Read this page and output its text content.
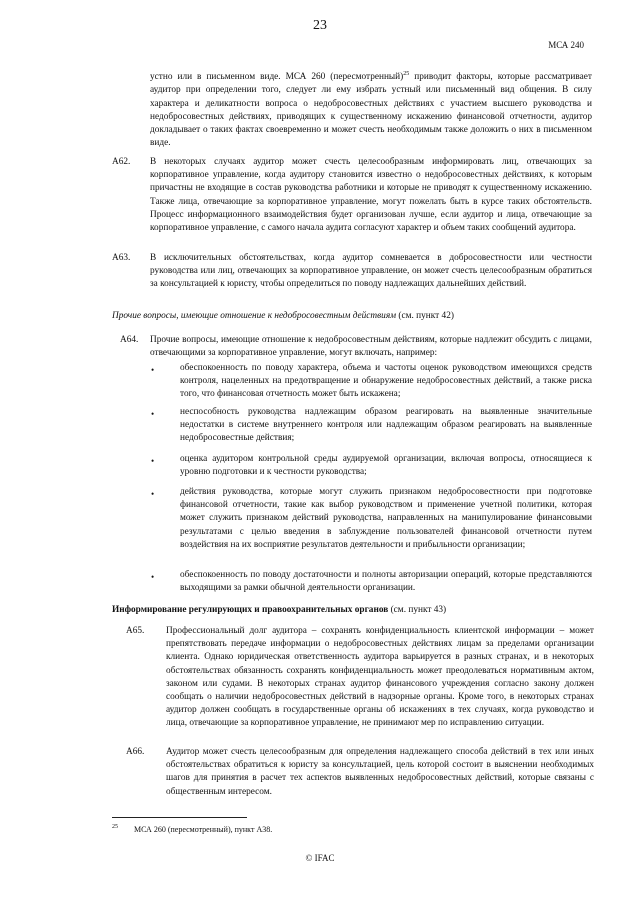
23
МСА 240

устно или в письменном виде. МСА 260 (пересмотренный)$^{25}$ приводит факторы, которые рассматривает аудитор при определении того, следует ли ему избрать устный или письменный вид общения. В силу характера и деликатности вопроса о недобросовестных действиях с участием высшего руководства и недобросовестных действиях, приводящих к существенному искажению финансовой отчетности, аудитор докладывает о таких фактах своевременно и может счесть необходимым также доложить о них в письменном виде.

A62. В некоторых случаях аудитор может счесть целесообразным информировать лиц, отвечающих за корпоративное управление, когда аудитору становится известно о недобросовестных действиях, к которым причастны не входящие в состав руководства работники и которые не приводят к существенному искажению. Также лица, отвечающие за корпоративное управление, могут пожелать быть в курсе таких обстоятельств. Процесс информационного взаимодействия будет организован лучше, если аудитор и лица, отвечающие за корпоративное управление, с самого начала аудита согласуют характер и объем таких сообщений аудитора.

A63. В исключительных обстоятельствах, когда аудитор сомневается в добросовестности или честности руководства или лиц, отвечающих за корпоративное управление, он может счесть целесообразным обратиться за консультацией к юристу, чтобы определиться по поводу надлежащих дальнейших действий.

Прочие вопросы, имеющие отношение к недобросовестным действиям (см. пункт 42)
A64. Прочие вопросы, имеющие отношение к недобросовестным действиям, которые надлежит обсудить с лицами, отвечающими за корпоративное управление, могут включать, например:

•	обеспокоенность по поводу характера, объема и частоты оценок руководством имеющихся средств контроля, нацеленных на предотвращение и обнаружение недобросовестных действий, а также риска того, что финансовая отчетность может быть искажена;

•	неспособность руководства надлежащим образом реагировать на выявленные значительные недостатки в системе внутреннего контроля или надлежащим образом реагировать на выявленные недобросовестные действия;

•	оценка аудитором контрольной среды аудируемой организации, включая вопросы, относящиеся к уровню подготовки и к честности руководства;

•	действия руководства, которые могут служить признаком недобросовестности при подготовке финансовой отчетности, такие как выбор руководством и применение учетной политики, которая может служить признаком действий руководства, направленных на манипулирование финансовыми результатами с целью введения в заблуждение пользователей финансовой отчетности путем воздействия на их восприятие результатов деятельности и прибыльности организации;

•	обеспокоенность по поводу достаточности и полноты авторизации операций, которые представляются выходящими за рамки обычной деятельности организации.

Информирование регулирующих и правоохранительных органов (см. пункт 43)
A65. Профессиональный долг аудитора – сохранять конфиденциальность клиентской информации – может препятствовать передаче информации о недобросовестных действиях лицам за пределами организации клиента. Однако юридическая ответственность аудитора варьируется в разных странах, и в некоторых обстоятельствах обязанность сохранять конфиденциальность может преодолеваться нормативным актом, законом или судами. В некоторых странах аудитор финансового учреждения согласно закону должен сообщать о наличии недобросовестных действий в надзорные органы. Кроме того, в некоторых странах аудитор должен сообщать в государственные органы об искажениях в тех случаях, когда руководство и лица, отвечающие за корпоративное управление, не принимают мер по исправлению ситуации.

A66. Аудитор может счесть целесообразным для определения надлежащего способа действий в тех или иных обстоятельствах обратиться к юристу за консультацией, цель которой состоит в выяснении необходимых шагов для принятия в расчет тех аспектов выявленных недобросовестных действий, которые связаны с общественным интересом.

$^{25}$ МСА 260 (пересмотренный), пункт A38.
© IFAC
